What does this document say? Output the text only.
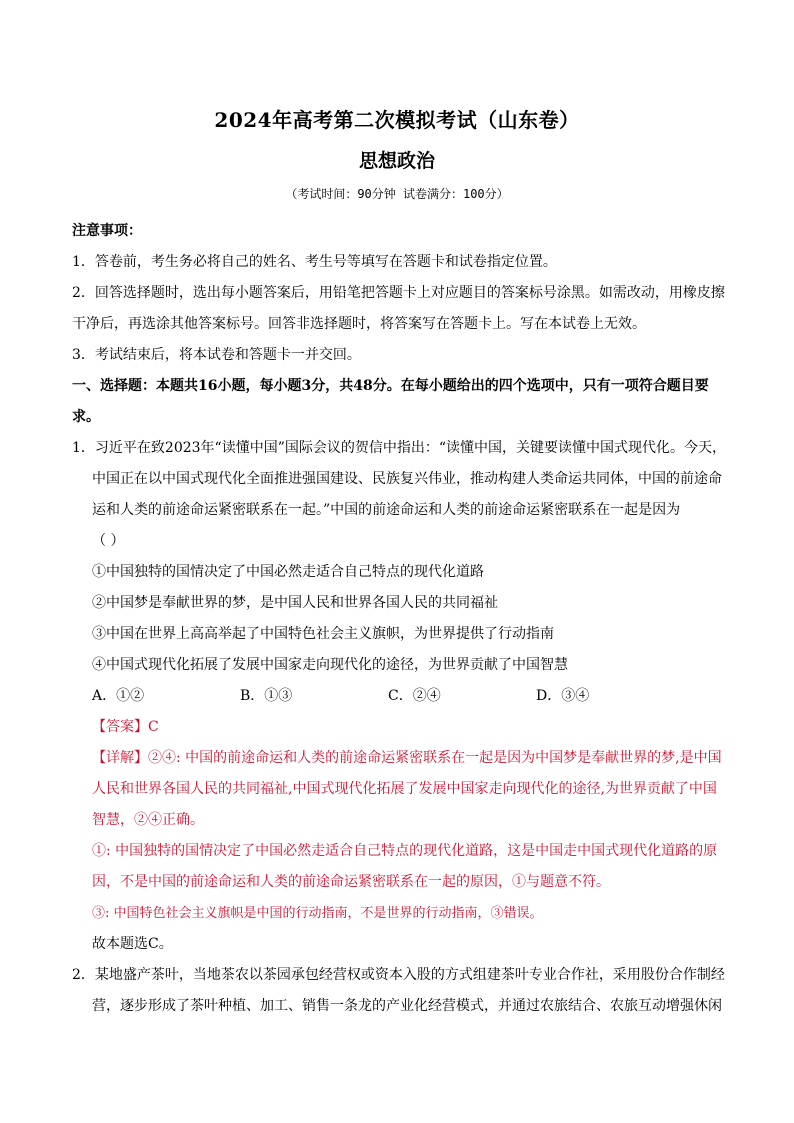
2024年高考第二次模拟考试（山东卷）
思想政治
（考试时间：90分钟 试卷满分：100分）
注意事项：
1．答卷前，考生务必将自己的姓名、考生号等填写在答题卡和试卷指定位置。
2．回答选择题时，选出每小题答案后，用铅笔把答题卡上对应题目的答案标号涂黑。如需改动，用橡皮擦
干净后，再选涂其他答案标号。回答非选择题时，将答案写在答题卡上。写在本试卷上无效。
3．考试结束后，将本试卷和答题卡一并交回。
一、选择题：本题共16小题，每小题3分，共48分。在每小题给出的四个选项中，只有一项符合题目要
求。
1．习近平在致2023年“读懂中国”国际会议的贺信中指出：“读懂中国，关键要读懂中国式现代化。今天，
中国正在以中国式现代化全面推进强国建设、民族复兴伟业，推动构建人类命运共同体，中国的前途命
运和人类的前途命运紧密联系在一起。”中国的前途命运和人类的前途命运紧密联系在一起是因为
（ ）
①中国独特的国情决定了中国必然走适合自己特点的现代化道路
②中国梦是奉献世界的梦，是中国人民和世界各国人民的共同福祉
③中国在世界上高高举起了中国特色社会主义旗帜，为世界提供了行动指南
④中国式现代化拓展了发展中国家走向现代化的途径，为世界贡献了中国智慧
A．①②	B．①③	C．②④	D．③④
【答案】C
【详解】②④: 中国的前途命运和人类的前途命运紧密联系在一起是因为中国梦是奉献世界的梦,是中国
人民和世界各国人民的共同福祉,中国式现代化拓展了发展中国家走向现代化的途径,为世界贡献了中国
智慧，②④正确。
①: 中国独特的国情决定了中国必然走适合自己特点的现代化道路，这是中国走中国式现代化道路的原
因，不是中国的前途命运和人类的前途命运紧密联系在一起的原因，①与题意不符。
③: 中国特色社会主义旗帜是中国的行动指南，不是世界的行动指南，③错误。
故本题选C。
2．某地盛产茶叶，当地茶农以茶园承包经营权或资本入股的方式组建茶叶专业合作社，采用股份合作制经
营，逐步形成了茶叶种植、加工、销售一条龙的产业化经营模式，并通过农旅结合、农旅互动增强休闲
